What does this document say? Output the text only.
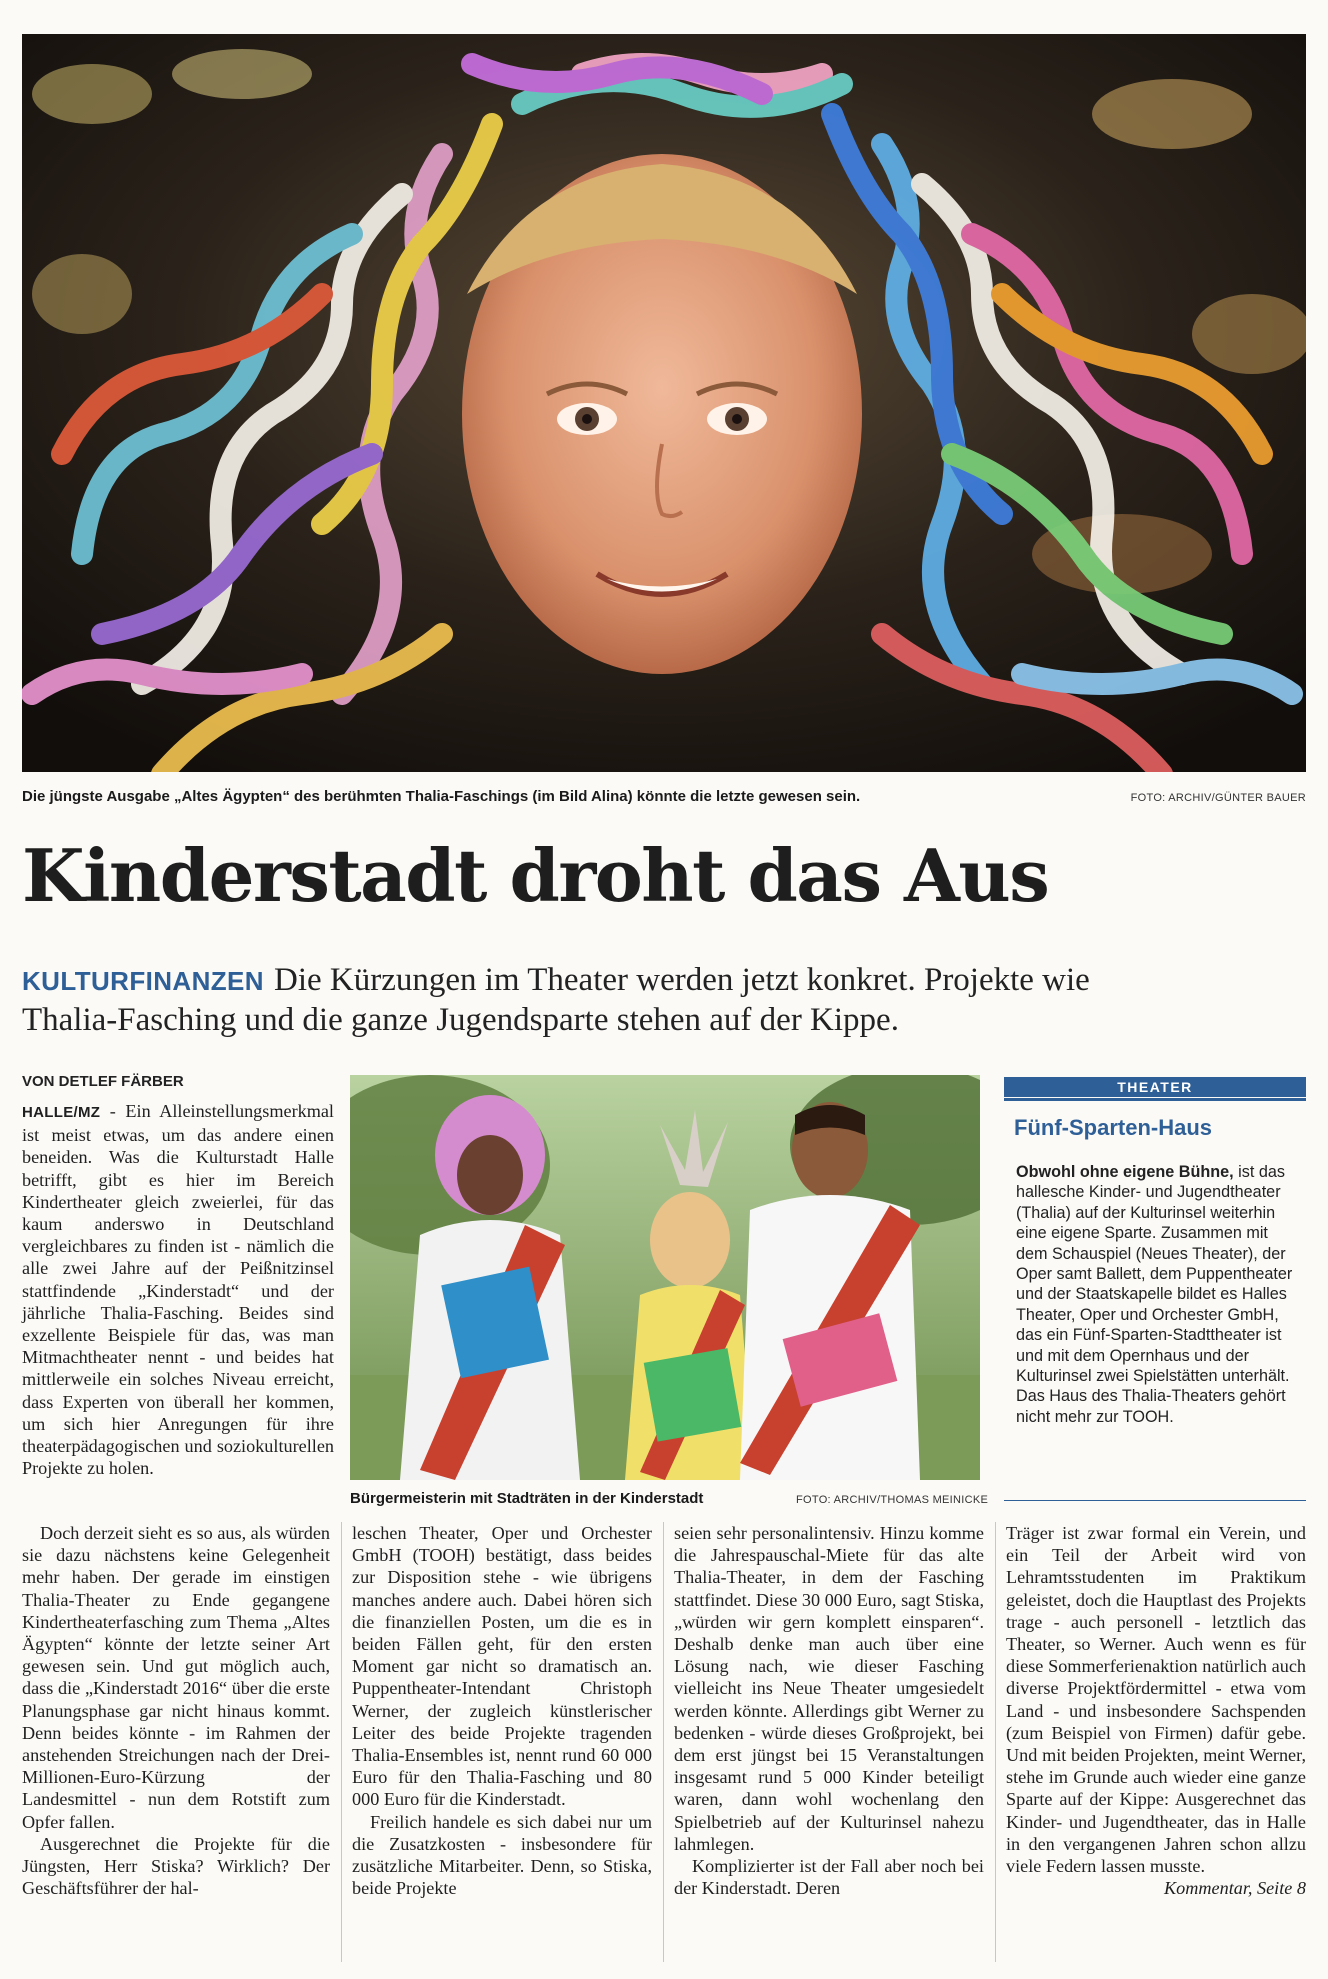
Die jüngste Ausgabe „Altes Ägypten“ des berühmten Thalia-Faschings (im Bild Alina) könnte die letzte gewesen sein.	FOTO: ARCHIV/GÜNTER BAUER
Kinderstadt droht das Aus
KULTURFINANZEN Die Kürzungen im Theater werden jetzt konkret. Projekte wie Thalia-Fasching und die ganze Jugendsparte stehen auf der Kippe.
VON DETLEF FÄRBER

HALLE/MZ - Ein Alleinstellungsmerkmal ist meist etwas, um das andere einen beneiden. Was die Kulturstadt Halle betrifft, gibt es hier im Bereich Kindertheater gleich zweierlei, für das kaum anderswo in Deutschland vergleichbares zu finden ist - nämlich die alle zwei Jahre auf der Peißnitzinsel stattfindende „Kinderstadt“ und der jährliche Thalia-Fasching. Beides sind exzellente Beispiele für das, was man Mitmachtheater nennt - und beides hat mittlerweile ein solches Niveau erreicht, dass Experten von überall her kommen, um sich hier Anregungen für ihre theaterpädagogischen und soziokulturellen Projekte zu holen.

Bürgermeisterin mit Stadträten in der Kinderstadt	FOTO: ARCHIV/THOMAS MEINICKE
THEATER
Fünf-Sparten-Haus
Obwohl ohne eigene Bühne, ist das hallesche Kinder- und Jugendtheater (Thalia) auf der Kulturinsel weiterhin eine eigene Sparte. Zusammen mit dem Schauspiel (Neues Theater), der Oper samt Ballett, dem Puppentheater und der Staatskapelle bildet es Halles Theater, Oper und Orchester GmbH, das ein Fünf-Sparten-Stadttheater ist und mit dem Opernhaus und der Kulturinsel zwei Spielstätten unterhält. Das Haus des Thalia-Theaters gehört nicht mehr zur TOOH.

Doch derzeit sieht es so aus, als würden sie dazu nächstens keine Gelegenheit mehr haben. Der gerade im einstigen Thalia-Theater zu Ende gegangene Kindertheaterfasching zum Thema „Altes Ägypten“ könnte der letzte seiner Art gewesen sein. Und gut möglich auch, dass die „Kinderstadt 2016“ über die erste Planungsphase gar nicht hinaus kommt. Denn beides könnte - im Rahmen der anstehenden Streichungen nach der Drei-Millionen-Euro-Kürzung der Landesmittel - nun dem Rotstift zum Opfer fallen.

Ausgerechnet die Projekte für die Jüngsten, Herr Stiska? Wirklich? Der Geschäftsführer der hal-

leschen Theater, Oper und Orchester GmbH (TOOH) bestätigt, dass beides zur Disposition stehe - wie übrigens manches andere auch. Dabei hören sich die finanziellen Posten, um die es in beiden Fällen geht, für den ersten Moment gar nicht so dramatisch an. Puppentheater-Intendant Christoph Werner, der zugleich künstlerischer Leiter des beide Projekte tragenden Thalia-Ensembles ist, nennt rund 60 000 Euro für den Thalia-Fasching und 80 000 Euro für die Kinderstadt.

Freilich handele es sich dabei nur um die Zusatzkosten - insbesondere für zusätzliche Mitarbeiter. Denn, so Stiska, beide Projekte

seien sehr personalintensiv. Hinzu komme die Jahrespauschal-Miete für das alte Thalia-Theater, in dem der Fasching stattfindet. Diese 30 000 Euro, sagt Stiska, „würden wir gern komplett einsparen“. Deshalb denke man auch über eine Lösung nach, wie dieser Fasching vielleicht ins Neue Theater umgesiedelt werden könnte. Allerdings gibt Werner zu bedenken - würde dieses Großprojekt, bei dem erst jüngst bei 15 Veranstaltungen insgesamt rund 5 000 Kinder beteiligt waren, dann wohl wochenlang den Spielbetrieb auf der Kulturinsel nahezu lahmlegen.

Komplizierter ist der Fall aber noch bei der Kinderstadt. Deren

Träger ist zwar formal ein Verein, und ein Teil der Arbeit wird von Lehramtsstudenten im Praktikum geleistet, doch die Hauptlast des Projekts trage - auch personell - letztlich das Theater, so Werner. Auch wenn es für diese Sommerferienaktion natürlich auch diverse Projektfördermittel - etwa vom Land - und insbesondere Sachspenden (zum Beispiel von Firmen) dafür gebe. Und mit beiden Projekten, meint Werner, stehe im Grunde auch wieder eine ganze Sparte auf der Kippe: Ausgerechnet das Kinder- und Jugendtheater, das in Halle in den vergangenen Jahren schon allzu viele Federn lassen musste.

Kommentar, Seite 8
